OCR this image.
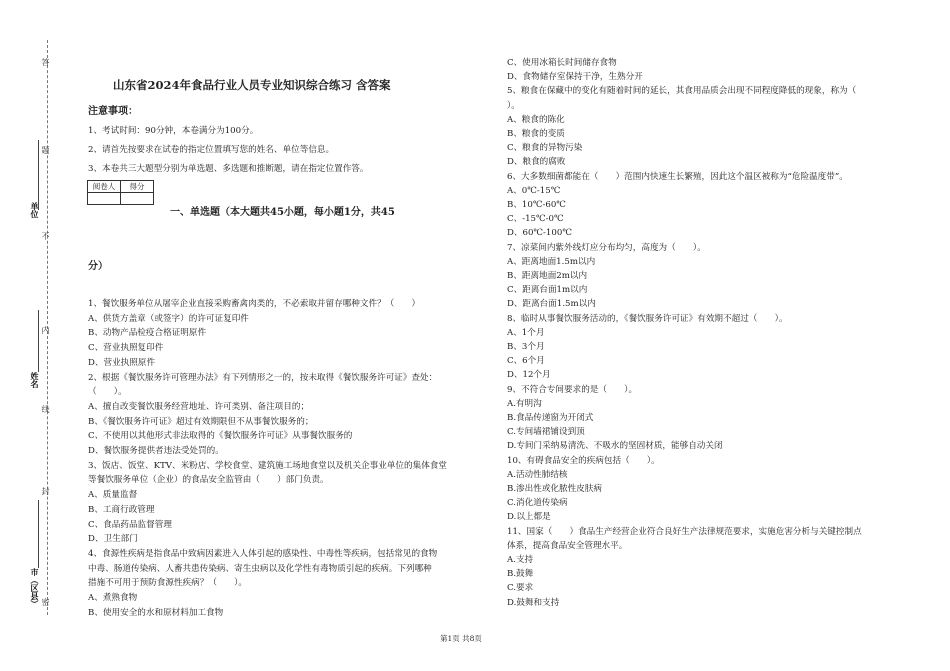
答
题
不
内
线
封
密
单位
姓名
市（区县）
山东省2024年食品行业人员专业知识综合练习 含答案
注意事项：
1、考试时间：90分钟，本卷满分为100分。
2、请首先按要求在试卷的指定位置填写您的姓名、单位等信息。
3、本卷共三大题型分别为单选题、多选题和推断题，请在指定位置作答。
阅卷人	得分

一、单选题（本大题共45小题，每小题1分，共45
分）
1、餐饮服务单位从屠宰企业直接采购畜禽肉类的，不必索取并留存哪种文件？（　　）
A、供货方盖章（或签字）的许可证复印件
B、动物产品检疫合格证明原件
C、营业执照复印件
D、营业执照原件
2、根据《餐饮服务许可管理办法》有下列情形之一的，按未取得《餐饮服务许可证》查处：
（　　）。
A、擅自改变餐饮服务经营地址、许可类别、备注项目的；
B、《餐饮服务许可证》超过有效期限但不从事餐饮服务的；
C、不使用以其他形式非法取得的《餐饮服务许可证》从事餐饮服务的
D、餐饮服务提供者违法受处罚的。
3、饭店、饭堂、KTV、米粉店、学校食堂、建筑施工场地食堂以及机关企事业单位的集体食堂
等餐饮服务单位（企业）的食品安全监管由（　　）部门负责。
A、质量监督
B、工商行政管理
C、食品药品监督管理
D、卫生部门
4、食源性疾病是指食品中致病因素进入人体引起的感染性、中毒性等疾病，包括常见的食物
中毒、肠道传染病、人畜共患传染病、寄生虫病以及化学性有毒物质引起的疾病。下列哪种
措施不可用于预防食源性疾病？（　　）。
A、煮熟食物
B、使用安全的水和原材料加工食物
C、使用冰箱长时间储存食物
D、食物储存室保持干净，生熟分开
5、粮食在保藏中的变化有随着时间的延长，其食用品质会出现不同程度降低的现象，称为（
）。
A、粮食的陈化
B、粮食的变质
C、粮食的异物污染
D、粮食的腐败
6、大多数细菌都能在（　　）范围内快速生长繁殖，因此这个温区被称为“危险温度带”。
A、0℃-15℃
B、10℃-60℃
C、-15℃-0℃
D、60℃-100℃
7、凉菜间内紫外线灯应分布均匀，高度为（　　）。
A、距离地面1.5m以内
B、距离地面2m以内
C、距离台面1m以内
D、距离台面1.5m以内
8、临时从事餐饮服务活动的，《餐饮服务许可证》有效期不超过（　　）。
A、1个月
B、3个月
C、6个月
D、12个月
9、不符合专间要求的是（　　）。
A.有明沟
B.食品传递窗为开闭式
C.专间墙裙铺设到顶
D.专间门采纳易清洗、不吸水的坚固材质，能够自动关闭
10、有碍食品安全的疾病包括（　　）。
A.活动性肺结核
B.渗出性或化脓性皮肤病
C.消化道传染病
D.以上都是
11、国家（　　）食品生产经营企业符合良好生产法律规范要求，实施危害分析与关键控制点
体系，提高食品安全管理水平。
A.支持
B.鼓舞
C.要求
D.鼓舞和支持
第1页 共8页
